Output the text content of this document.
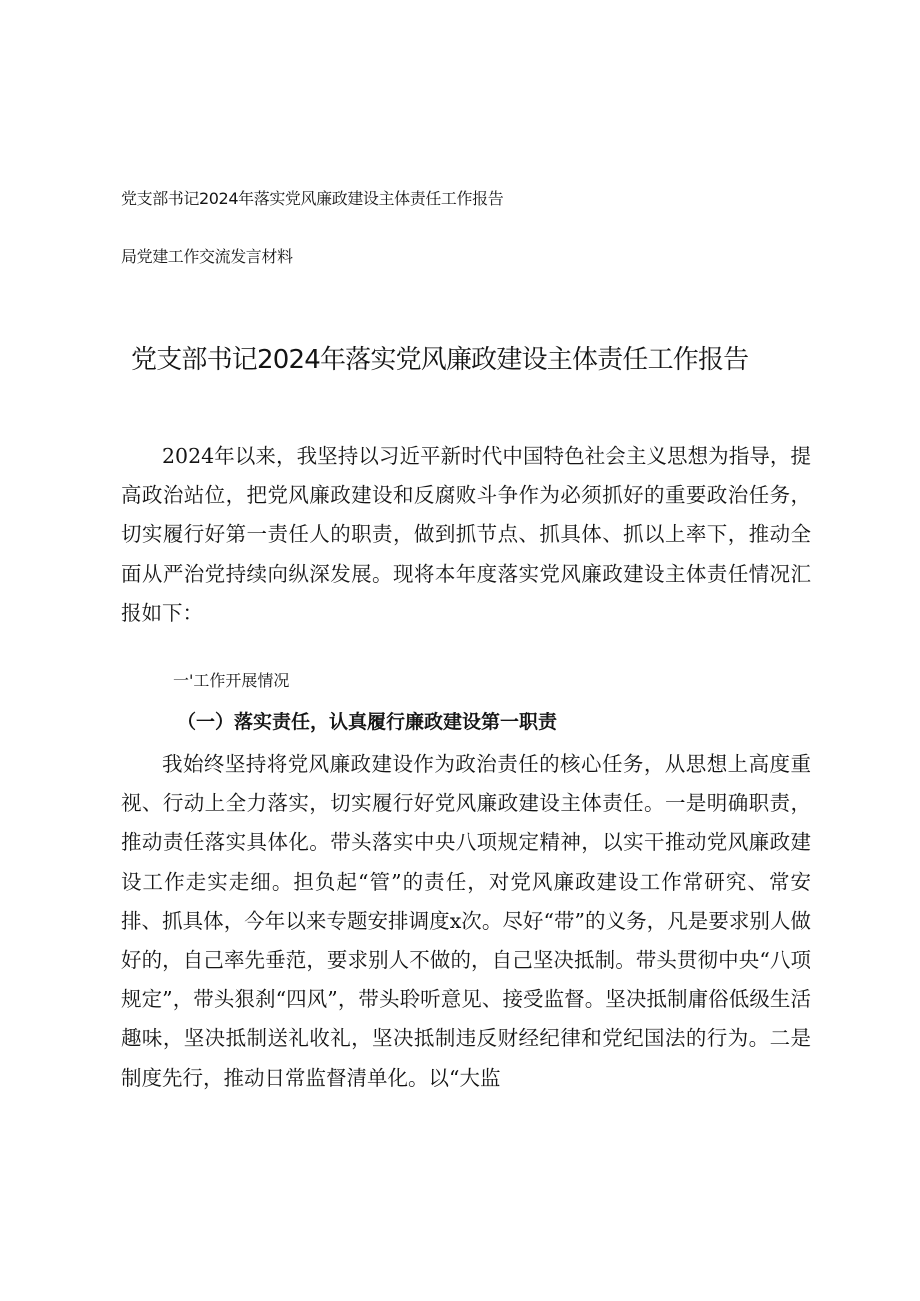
党支部书记2024年落实党风廉政建设主体责任工作报告
局党建工作交流发言材料
党支部书记2024年落实党风廉政建设主体责任工作报告

2024年以来，我坚持以习近平新时代中国特色社会主义思想为指导，提高政治站位，把党风廉政建设和反腐败斗争作为必须抓好的重要政治任务，切实履行好第一责任人的职责，做到抓节点、抓具体、抓以上率下，推动全面从严治党持续向纵深发展。现将本年度落实党风廉政建设主体责任情况汇报如下：

一'工作开展情况
（一）落实责任，认真履行廉政建设第一职责

我始终坚持将党风廉政建设作为政治责任的核心任务，从思想上高度重视、行动上全力落实，切实履行好党风廉政建设主体责任。一是明确职责，推动责任落实具体化。带头落实中央八项规定精神，以实干推动党风廉政建设工作走实走细。担负起“管”的责任，对党风廉政建设工作常研究、常安排、抓具体，今年以来专题安排调度x次。尽好“带”的义务，凡是要求别人做好的，自己率先垂范，要求别人不做的，自己坚决抵制。带头贯彻中央“八项规定”，带头狠刹“四风”，带头聆听意见、接受监督。坚决抵制庸俗低级生活趣味，坚决抵制送礼收礼，坚决抵制违反财经纪律和党纪国法的行为。二是制度先行，推动日常监督清单化。以“大监
